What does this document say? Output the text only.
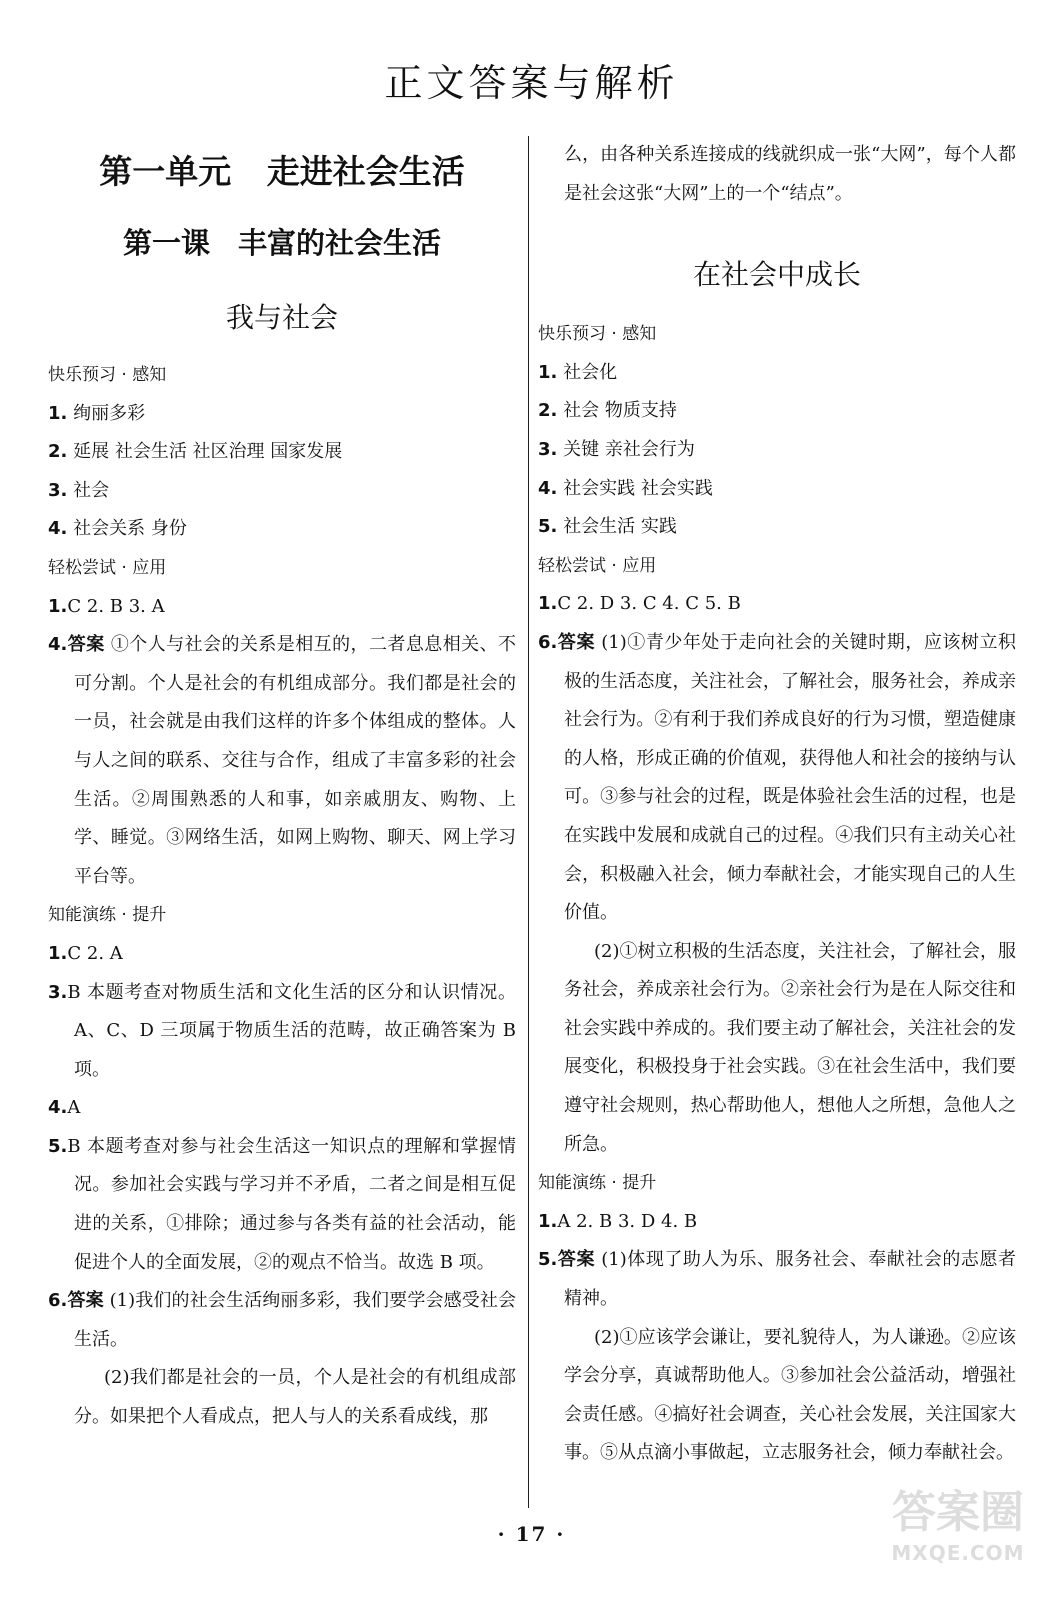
正文答案与解析
第一单元 走进社会生活
第一课 丰富的社会生活
我与社会
快乐预习 · 感知
1. 绚丽多彩
2. 延展 社会生活 社区治理 国家发展
3. 社会
4. 社会关系 身份
轻松尝试 · 应用
1.C 2. B 3. A
4.答案 ①个人与社会的关系是相互的，二者息息相关、不可分割。个人是社会的有机组成部分。我们都是社会的一员，社会就是由我们这样的许多个体组成的整体。人与人之间的联系、交往与合作，组成了丰富多彩的社会生活。②周围熟悉的人和事，如亲戚朋友、购物、上学、睡觉。③网络生活，如网上购物、聊天、网上学习平台等。
知能演练 · 提升
1.C 2. A
3.B 本题考查对物质生活和文化生活的区分和认识情况。A、C、D 三项属于物质生活的范畴，故正确答案为 B 项。
4.A
5.B 本题考查对参与社会生活这一知识点的理解和掌握情况。参加社会实践与学习并不矛盾，二者之间是相互促进的关系，①排除；通过参与各类有益的社会活动，能促进个人的全面发展，②的观点不恰当。故选 B 项。
6.答案 (1)我们的社会生活绚丽多彩，我们要学会感受社会生活。
(2)我们都是社会的一员，个人是社会的有机组成部分。如果把个人看成点，把人与人的关系看成线，那
么，由各种关系连接成的线就织成一张“大网”，每个人都是社会这张“大网”上的一个“结点”。
在社会中成长
快乐预习 · 感知
1. 社会化
2. 社会 物质支持
3. 关键 亲社会行为
4. 社会实践 社会实践
5. 社会生活 实践
轻松尝试 · 应用
1.C 2. D 3. C 4. C 5. B
6.答案 (1)①青少年处于走向社会的关键时期，应该树立积极的生活态度，关注社会，了解社会，服务社会，养成亲社会行为。②有利于我们养成良好的行为习惯，塑造健康的人格，形成正确的价值观，获得他人和社会的接纳与认可。③参与社会的过程，既是体验社会生活的过程，也是在实践中发展和成就自己的过程。④我们只有主动关心社会，积极融入社会，倾力奉献社会，才能实现自己的人生价值。
(2)①树立积极的生活态度，关注社会，了解社会，服务社会，养成亲社会行为。②亲社会行为是在人际交往和社会实践中养成的。我们要主动了解社会，关注社会的发展变化，积极投身于社会实践。③在社会生活中，我们要遵守社会规则，热心帮助他人，想他人之所想，急他人之所急。
知能演练 · 提升
1.A 2. B 3. D 4. B
5.答案 (1)体现了助人为乐、服务社会、奉献社会的志愿者精神。
(2)①应该学会谦让，要礼貌待人，为人谦逊。②应该学会分享，真诚帮助他人。③参加社会公益活动，增强社会责任感。④搞好社会调查，关心社会发展，关注国家大事。⑤从点滴小事做起，立志服务社会，倾力奉献社会。
· 17 ·	答案圈
MXQE.COM
